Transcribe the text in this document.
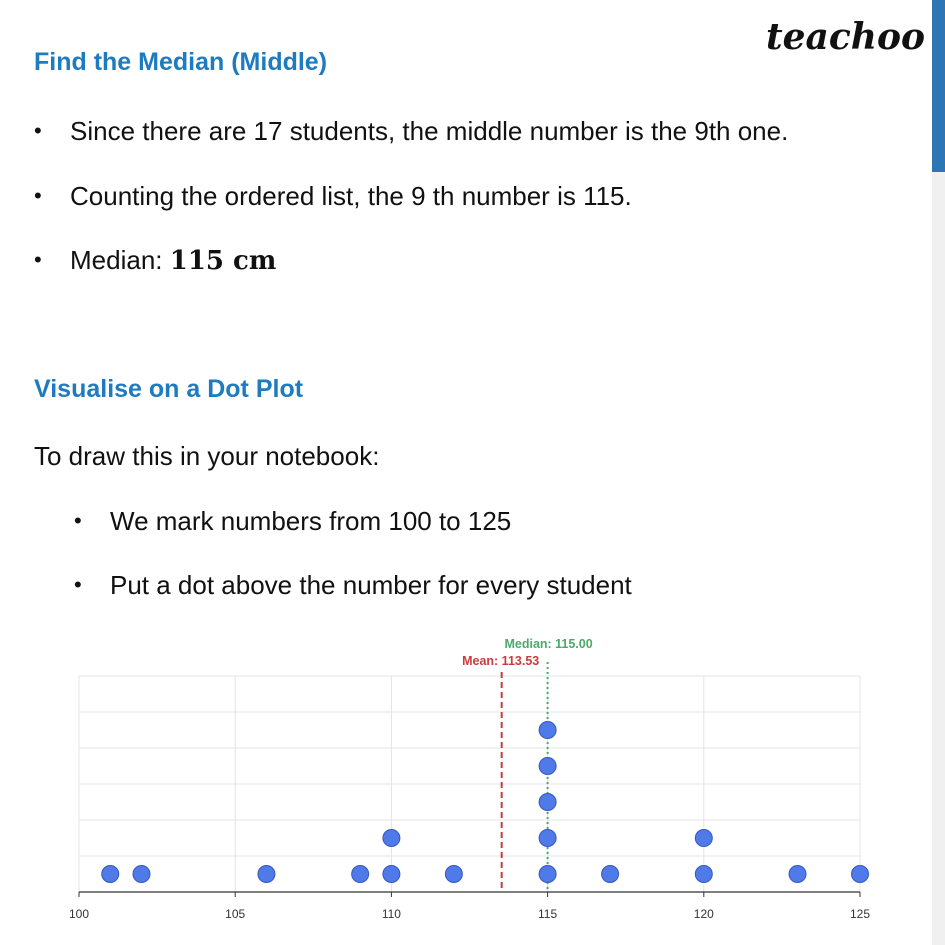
teachoo
Find the Median (Middle)
• Since there are 17 students, the middle number is the 9th one.
• Counting the ordered list, the 9 th number is 115.
• Median: 115 cm
Visualise on a Dot Plot
To draw this in your notebook:
• We mark numbers from 100 to 125
• Put a dot above the number for every student
100	105	110	115	120	125
Mean: 113.53
Median: 115.00
